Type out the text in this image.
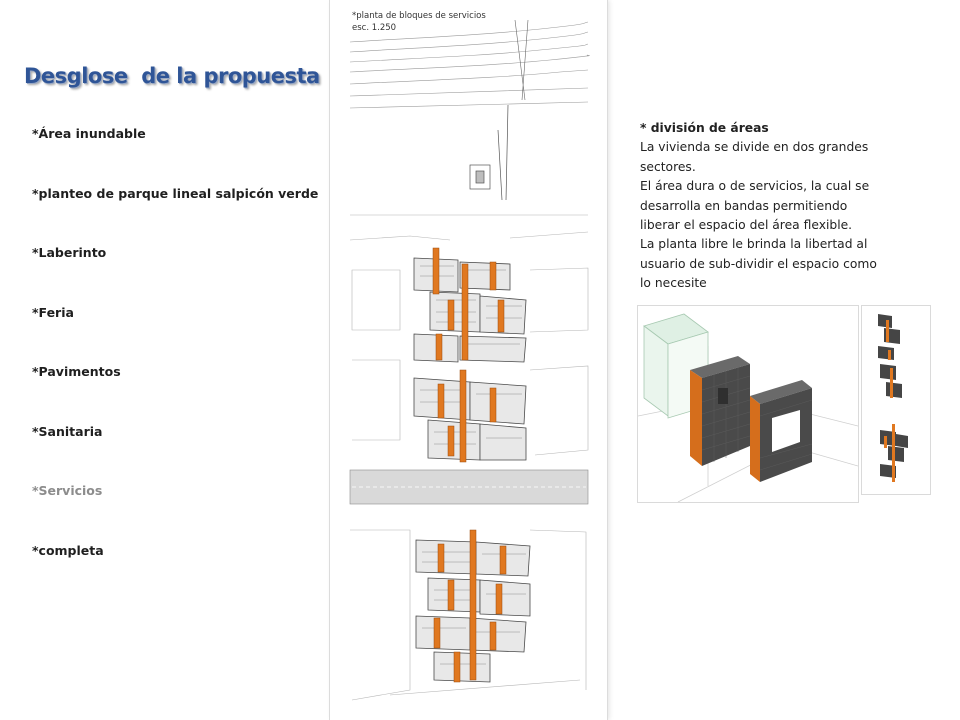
Desglose  de la propuesta
*Área inundable
*planteo de parque lineal salpicón verde
*Laberinto
*Feria
*Pavimentos
*Sanitaria
*Servicios
*completa
*planta de bloques de servicios
esc. 1.250
* división de áreas

La vivienda se divide en dos grandes sectores.

El área dura o de servicios, la cual se desarrolla en bandas permitiendo liberar el espacio del área flexible.

La planta libre le brinda la libertad al usuario de sub-dividir el espacio como lo necesite
